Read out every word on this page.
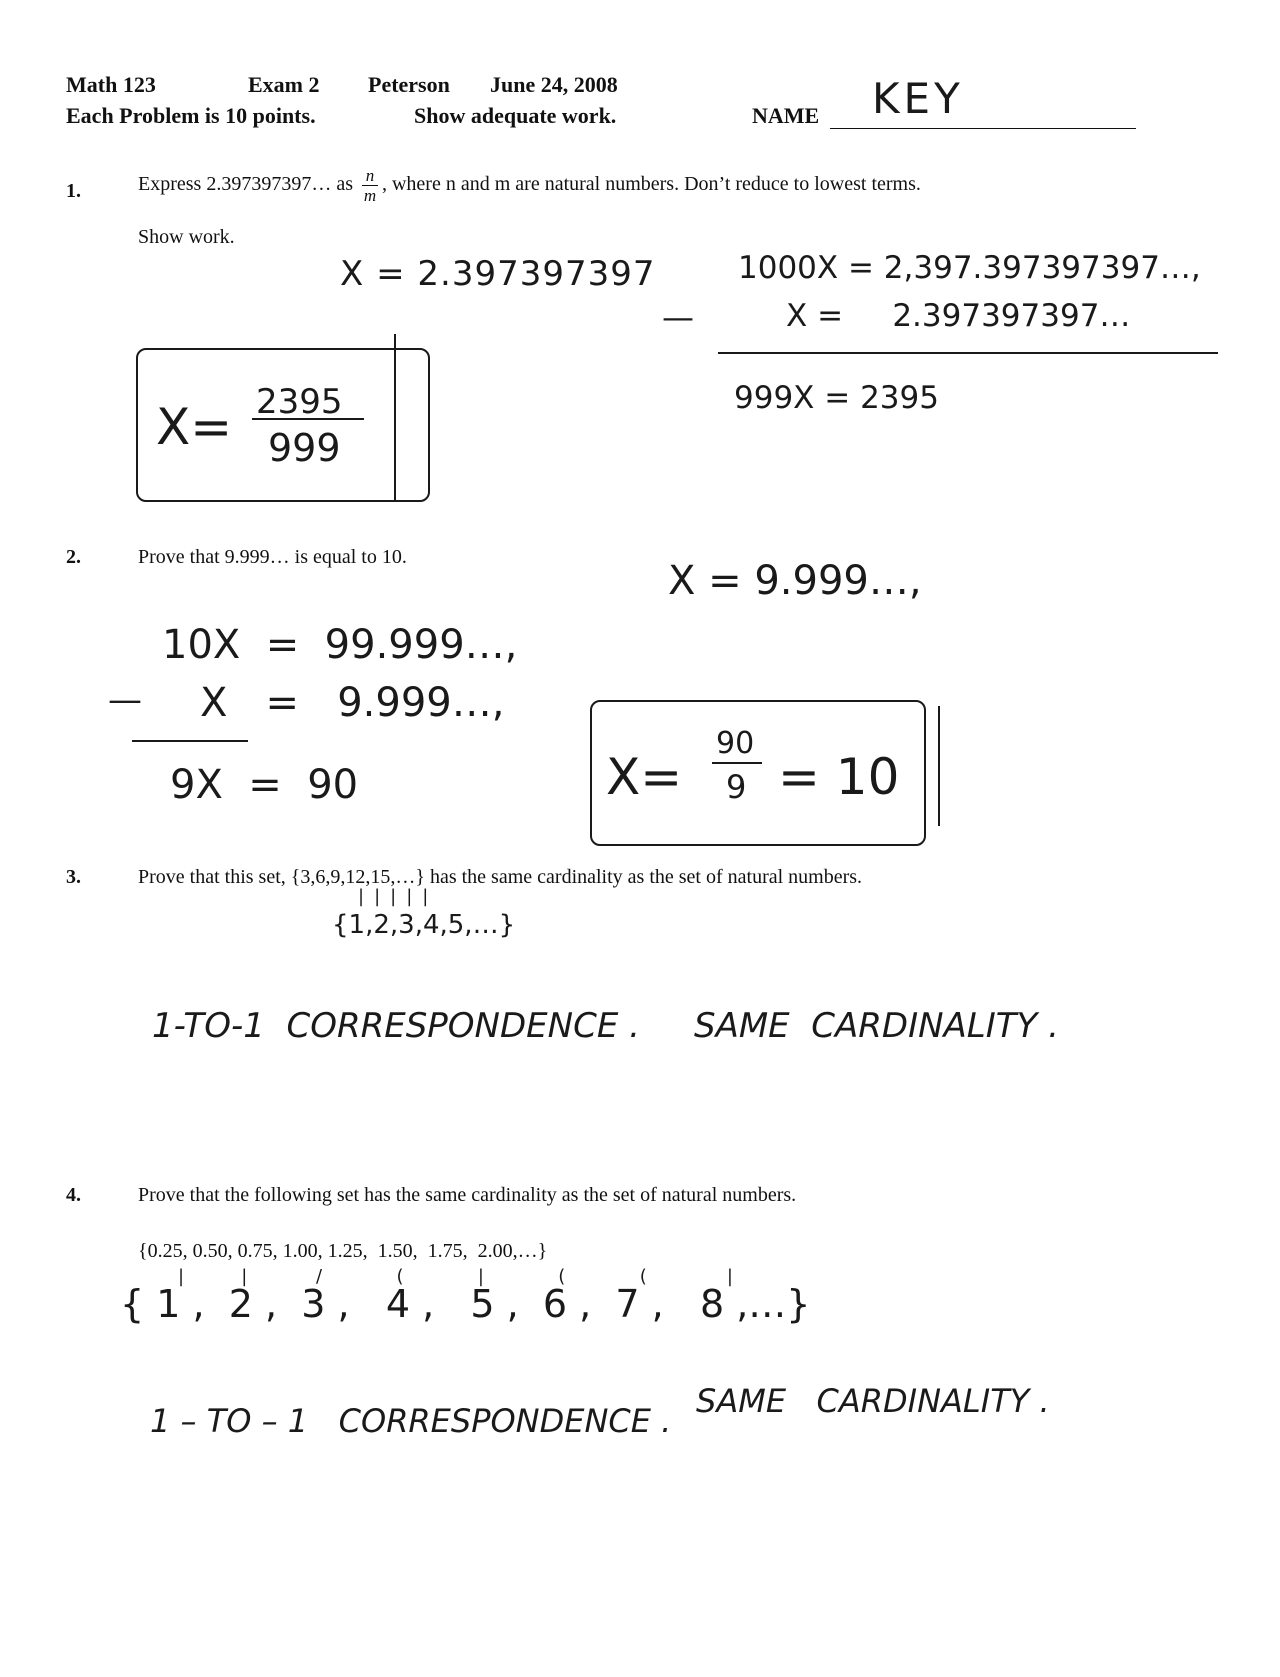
Math 123	Exam 2 Peterson June 24, 2008
Each Problem is 10 points.	Show adequate work.	NAME KEY
1.	Express 2.397397397… as $\frac{n}{m}$ , where n and m are natural numbers. Don’t reduce to lowest terms.
Show work.
X = 2.397397397	1000X = 2,397.397397397…,
—	X =     2.397397397…
999X = 2395
X= 2395
999
2.	Prove that 9.999… is equal to 10.
X = 9.999…,
10X  =  99.999…,
— X   =   9.999…,
9X  =  90	X=
90
9 = 10
3.	Prove that this set, {3,6,9,12,15,…} has the same cardinality as the set of natural numbers.
|||||
{1,2,3,4,5,…}
1-TO-1  CORRESPONDENCE . SAME  CARDINALITY .
4.	Prove that the following set has the same cardinality as the set of natural numbers.
{0.25, 0.50, 0.75, 1.00, 1.25,  1.50,  1.75,  2.00,…}
|          |            /             (             |             (             (              |
{ 1 ,  2 ,  3 ,   4 ,   5 ,  6 ,  7 ,   8 ,…}
1 – TO – 1   CORRESPONDENCE .
SAME   CARDINALITY .
